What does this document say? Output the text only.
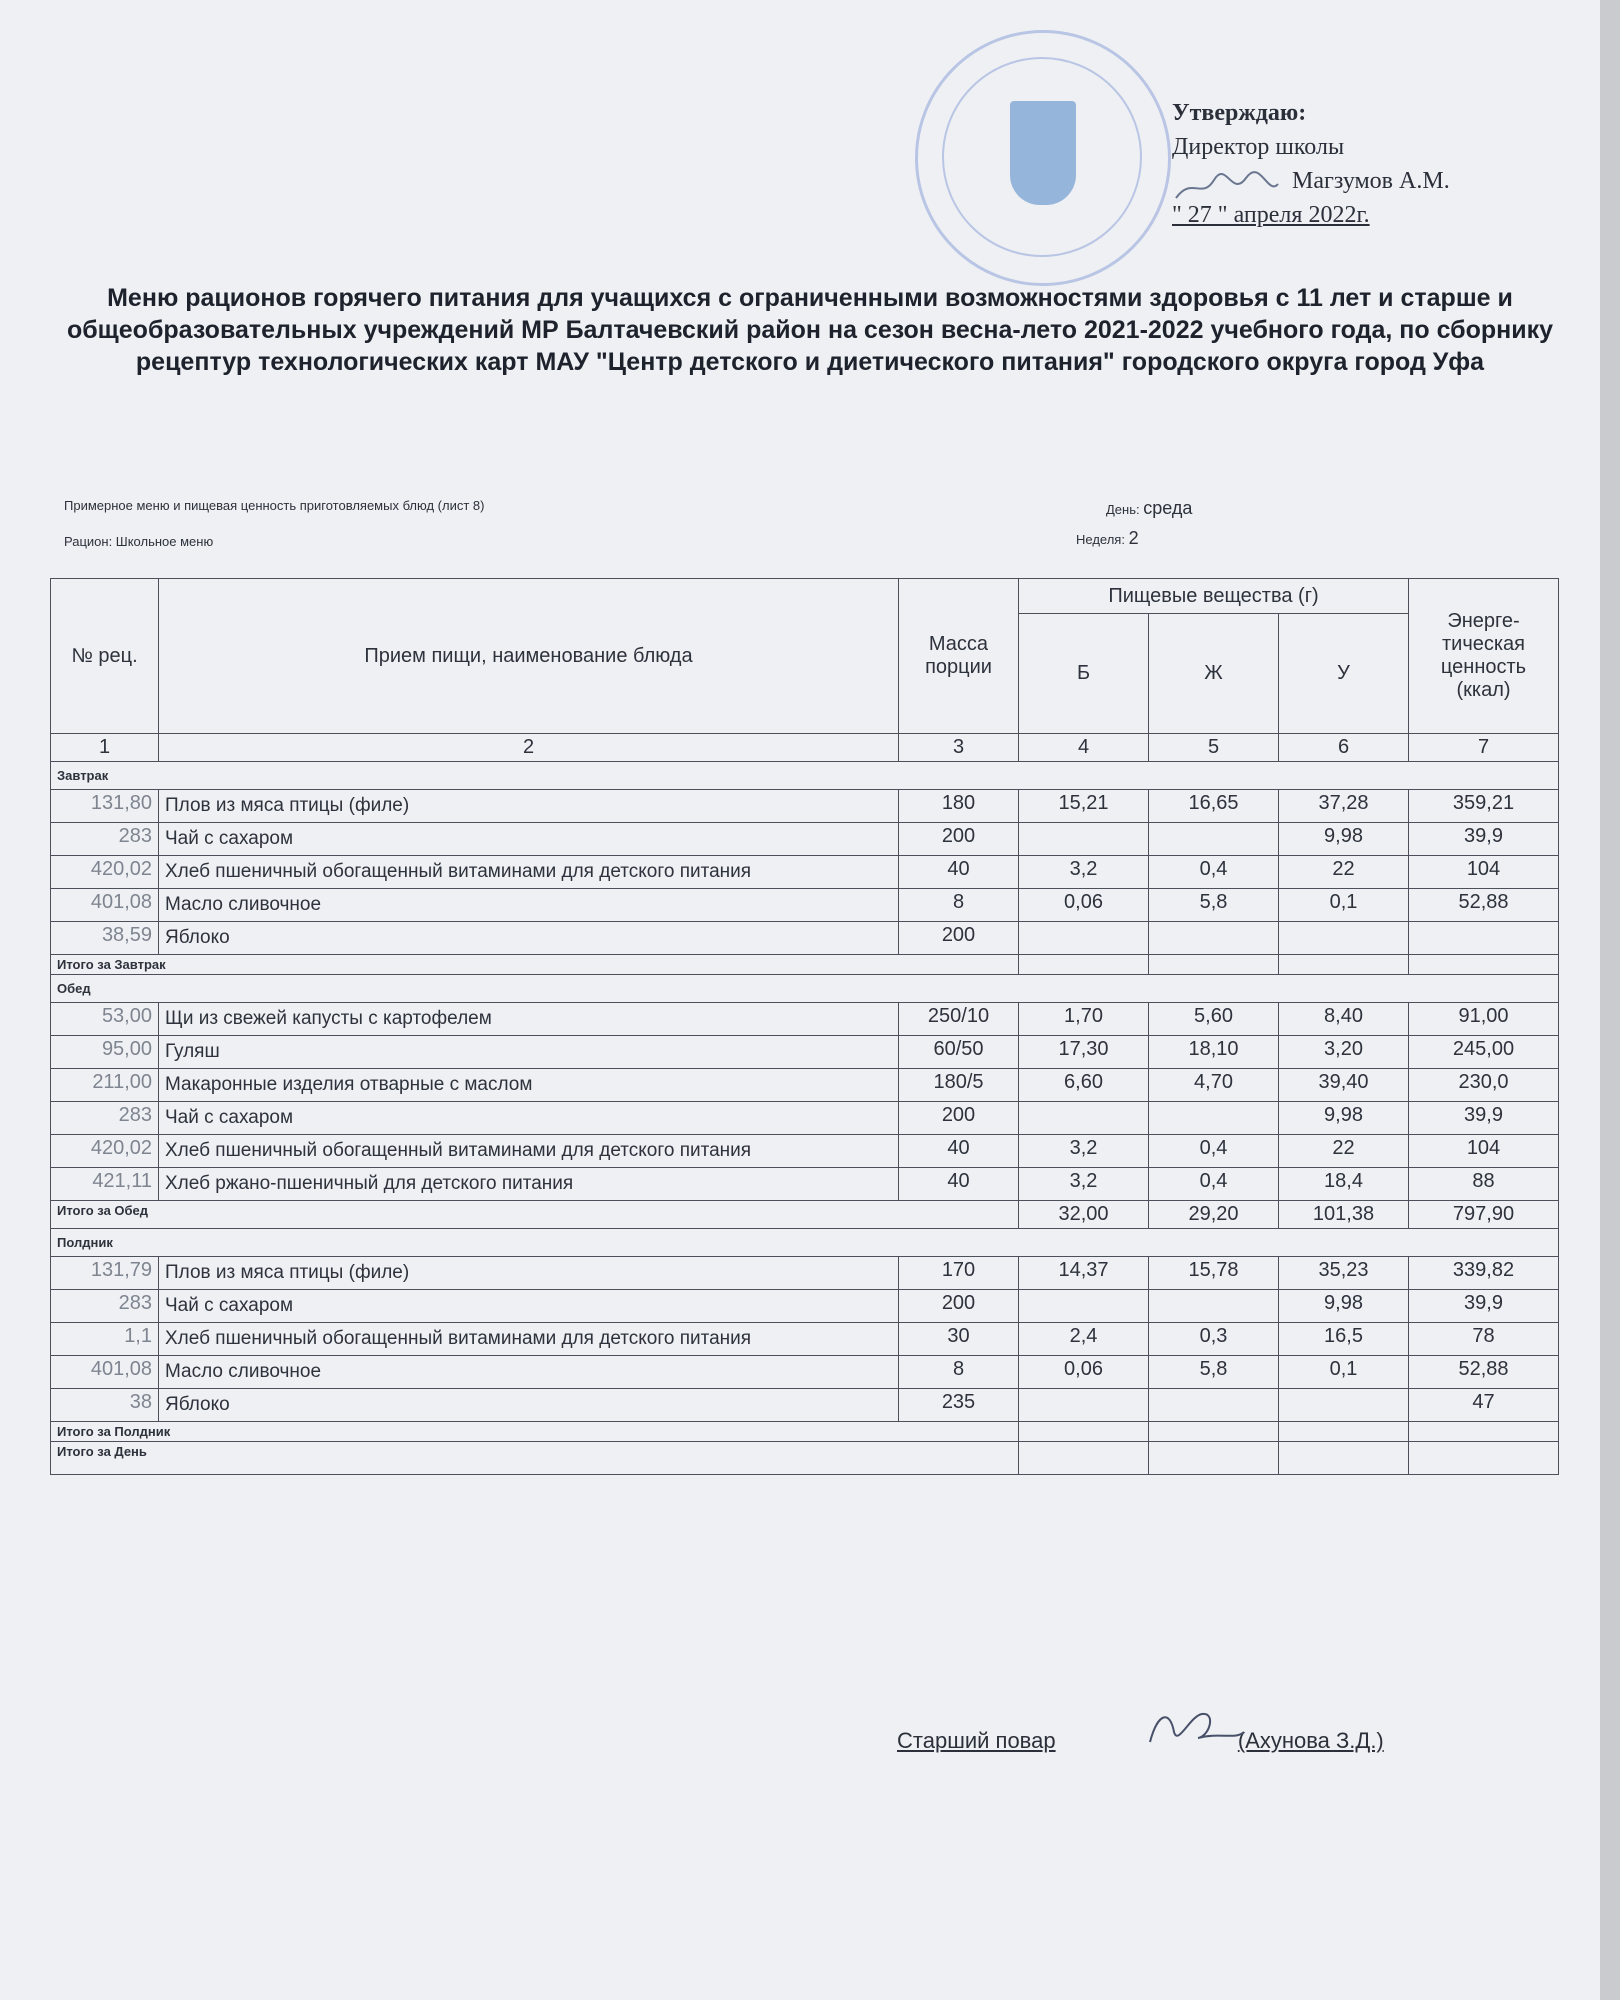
Утверждаю:
Директор школы
Магзумов А.М.
" 27 " апреля 2022г.
Меню рационов горячего питания для учащихся с ограниченными возможностями здоровья с 11 лет и старше и общеобразовательных учреждений МР Балтачевский район на сезон весна-лето 2021-2022 учебного года, по сборнику рецептур технологических карт МАУ "Центр детского и диетического питания" городского округа город Уфа
Примерное меню и пищевая ценность приготовляемых блюд (лист 8)
Рацион: Школьное меню
День: среда
Неделя: 2
№ рец.	Прием пищи, наименование блюда	Масса порции	Пищевые вещества (г)			Энерге-тическая ценность (ккал)
			Б	Ж	У	
1	2	3	4	5	6	7
Завтрак						
131,80	Плов из мяса птицы (филе)	180	15,21	16,65	37,28	359,21
283	Чай с сахаром	200			9,98	39,9
420,02	Хлеб пшеничный обогащенный витаминами для детского питания	40	3,2	0,4	22	104
401,08	Масло сливочное	8	0,06	5,8	0,1	52,88
38,59	Яблоко	200				
Итого за Завтрак						
Обед						
53,00	Щи из свежей капусты с картофелем	250/10	1,70	5,60	8,40	91,00
95,00	Гуляш	60/50	17,30	18,10	3,20	245,00
211,00	Макаронные изделия отварные с маслом	180/5	6,60	4,70	39,40	230,0
283	Чай с сахаром	200			9,98	39,9
420,02	Хлеб пшеничный обогащенный витаминами для детского питания	40	3,2	0,4	22	104
421,11	Хлеб ржано-пшеничный для детского питания	40	3,2	0,4	18,4	88
Итого за Обед			32,00	29,20	101,38	797,90
Полдник						
131,79	Плов из мяса птицы (филе)	170	14,37	15,78	35,23	339,82
283	Чай с сахаром	200			9,98	39,9
1,1	Хлеб пшеничный обогащенный витаминами для детского питания	30	2,4	0,3	16,5	78
401,08	Масло сливочное	8	0,06	5,8	0,1	52,88
38	Яблоко	235				47
Итого за Полдник						
Итого за День						
Старший повар	(Ахунова З.Д.)
